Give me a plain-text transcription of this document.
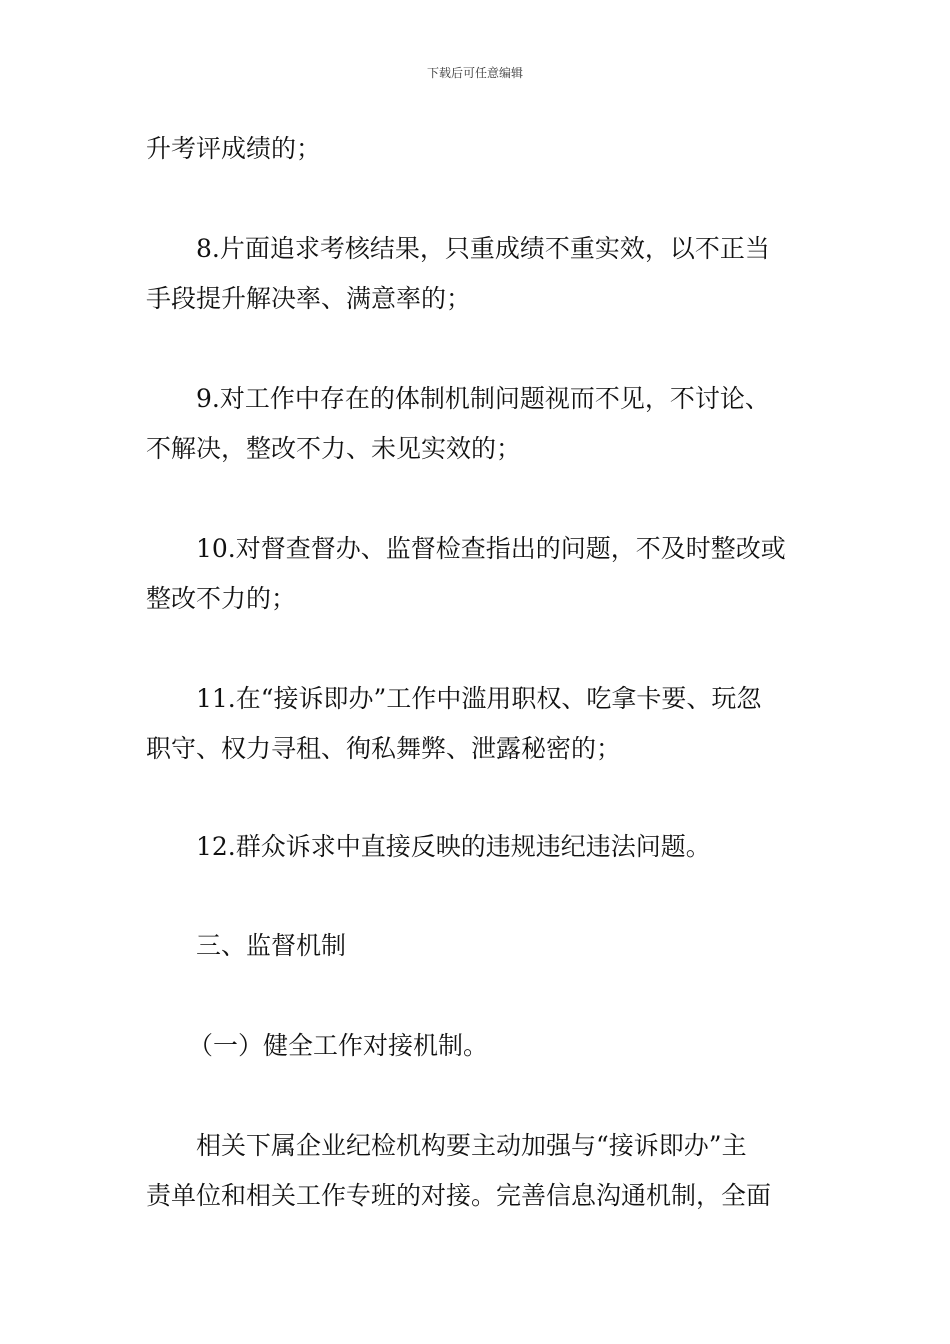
下载后可任意编辑
升考评成绩的；
8.片面追求考核结果，只重成绩不重实效，以不正当
手段提升解决率、满意率的；
9.对工作中存在的体制机制问题视而不见，不讨论、
不解决，整改不力、未见实效的；
10.对督查督办、监督检查指出的问题，不及时整改或
整改不力的；
11.在“接诉即办”工作中滥用职权、吃拿卡要、玩忽
职守、权力寻租、徇私舞弊、泄露秘密的；
12.群众诉求中直接反映的违规违纪违法问题。
三、监督机制
（一）健全工作对接机制。
相关下属企业纪检机构要主动加强与“接诉即办”主
责单位和相关工作专班的对接。完善信息沟通机制，全面
